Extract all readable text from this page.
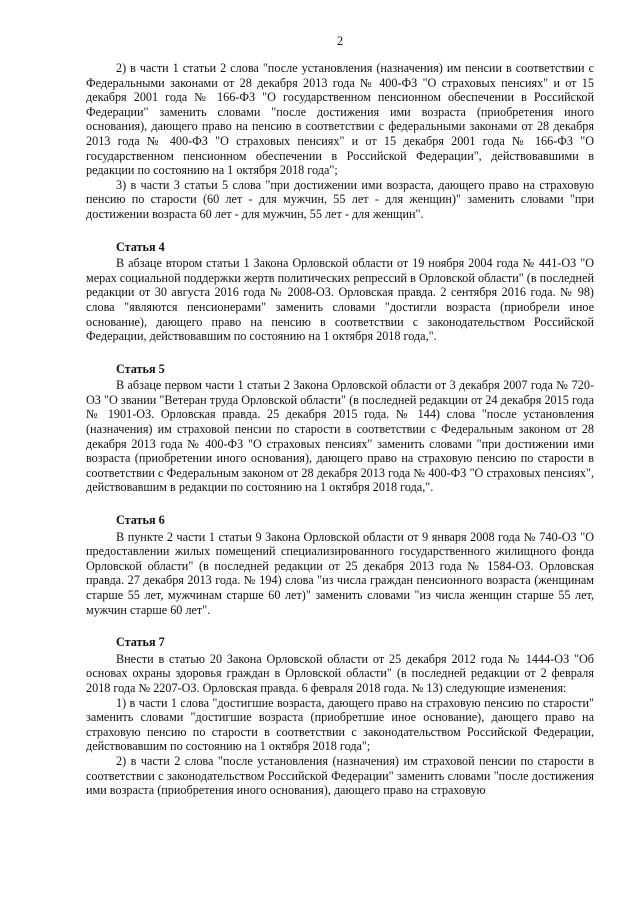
2

2) в части 1 статьи 2 слова "после установления (назначения) им пенсии в соответствии с Федеральными законами от 28 декабря 2013 года № 400-ФЗ "О страховых пенсиях" и от 15 декабря 2001 года № 166-ФЗ "О государственном пенсионном обеспечении в Российской Федерации" заменить словами "после достижения ими возраста (приобретения иного основания), дающего право на пенсию в соответствии с федеральными законами от 28 декабря 2013 года № 400-ФЗ "О страховых пенсиях" и от 15 декабря 2001 года № 166-ФЗ "О государственном пенсионном обеспечении в Российской Федерации", действовавшими в редакции по состоянию на 1 октября 2018 года";

3) в части 3 статьи 5 слова "при достижении ими возраста, дающего право на страховую пенсию по старости (60 лет - для мужчин, 55 лет - для женщин)" заменить словами "при достижении возраста 60 лет - для мужчин, 55 лет - для женщин".

Статья 4

В абзаце втором статьи 1 Закона Орловской области от 19 ноября 2004 года № 441-ОЗ "О мерах социальной поддержки жертв политических репрессий в Орловской области" (в последней редакции от 30 августа 2016 года № 2008-ОЗ. Орловская правда. 2 сентября 2016 года. № 98) слова "являются пенсионерами" заменить словами "достигли возраста (приобрели иное основание), дающего право на пенсию в соответствии с законодательством Российской Федерации, действовавшим по состоянию на 1 октября 2018 года,".

Статья 5

В абзаце первом части 1 статьи 2 Закона Орловской области от 3 декабря 2007 года № 720-ОЗ "О звании "Ветеран труда Орловской области" (в последней редакции от 24 декабря 2015 года № 1901-ОЗ. Орловская правда. 25 декабря 2015 года. № 144) слова "после установления (назначения) им страховой пенсии по старости в соответствии с Федеральным законом от 28 декабря 2013 года № 400-ФЗ "О страховых пенсиях" заменить словами "при достижении ими возраста (приобретении иного основания), дающего право на страховую пенсию по старости в соответствии с Федеральным законом от 28 декабря 2013 года № 400-ФЗ "О страховых пенсиях", действовавшим в редакции по состоянию на 1 октября 2018 года,".

Статья 6

В пункте 2 части 1 статьи 9 Закона Орловской области от 9 января 2008 года № 740-ОЗ "О предоставлении жилых помещений специализированного государственного жилищного фонда Орловской области" (в последней редакции от 25 декабря 2013 года № 1584-ОЗ. Орловская правда. 27 декабря 2013 года. № 194) слова "из числа граждан пенсионного возраста (женщинам старше 55 лет, мужчинам старше 60 лет)" заменить словами "из числа женщин старше 55 лет, мужчин старше 60 лет".

Статья 7

Внести в статью 20 Закона Орловской области от 25 декабря 2012 года № 1444-ОЗ "Об основах охраны здоровья граждан в Орловской области" (в последней редакции от 2 февраля 2018 года № 2207-ОЗ. Орловская правда. 6 февраля 2018 года. № 13) следующие изменения:

1) в части 1 слова "достигшие возраста, дающего право на страховую пенсию по старости" заменить словами "достигшие возраста (приобретшие иное основание), дающего право на страховую пенсию по старости в соответствии с законодательством Российской Федерации, действовавшим по состоянию на 1 октября 2018 года";

2) в части 2 слова "после установления (назначения) им страховой пенсии по старости в соответствии с законодательством Российской Федерации" заменить словами "после достижения ими возраста (приобретения иного основания), дающего право на страховую
